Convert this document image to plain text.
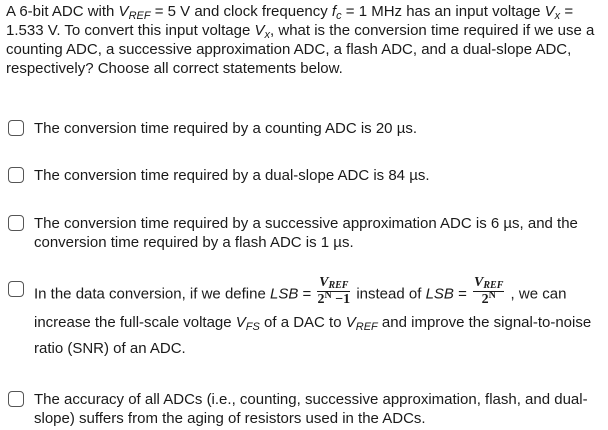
A 6-bit ADC with $V_{REF} = 5$ V and clock frequency $f_c = 1$ MHz has an input voltage $V_x = 1.533$ V. To convert this input voltage $V_x$, what is the conversion time required if we use a counting ADC, a successive approximation ADC, a flash ADC, and a dual-slope ADC, respectively? Choose all correct statements below.

The conversion time required by a counting ADC is 20 µs.

The conversion time required by a dual-slope ADC is 84 µs.

The conversion time required by a successive approximation ADC is 6 µs, and the conversion time required by a flash ADC is 1 µs.

In the data conversion, if we define LSB = $\frac{V_{REF}}{2^N -1}$ instead of LSB = $\frac{V_{REF}}{2^N}$ , we can increase the full-scale voltage $V_{FS}$ of a DAC to $V_{REF}$ and improve the signal-to-noise ratio (SNR) of an ADC.

The accuracy of all ADCs (i.e., counting, successive approximation, flash, and dual-slope) suffers from the aging of resistors used in the ADCs.
